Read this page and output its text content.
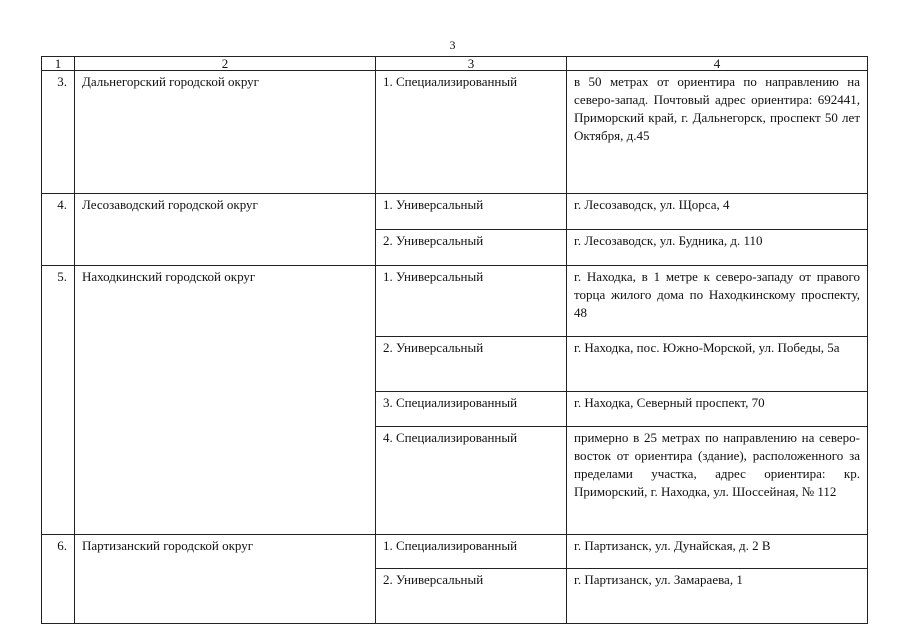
3
1	2	3	4
3.	Дальнегорский городской округ	1. Специализированный	в 50 метрах от ориентира по направлению на северо-запад. Почтовый адрес ориентира: 692441, Приморский край, г. Дальнегорск, проспект 50 лет Октября, д.45
4.	Лесозаводский городской округ	1. Универсальный	г. Лесозаводск, ул. Щорса, 4
		2. Универсальный	г. Лесозаводск, ул. Будника, д. 110
5.	Находкинский городской округ	1. Универсальный	г. Находка, в 1 метре к северо-западу от правого торца жилого дома по Находкинскому проспекту, 48
		2. Универсальный	г. Находка, пос. Южно-Морской, ул. Победы, 5а
		3. Специализированный	г. Находка, Северный проспект, 70
		4. Специализированный	примерно в 25 метрах по направлению на северо-восток от ориентира (здание), расположенного за пределами участка, адрес ориентира: кр. Приморский, г. Находка, ул. Шоссейная, № 112
6.	Партизанский городской округ	1. Специализированный	г. Партизанск, ул. Дунайская, д. 2 В
		2. Универсальный	г. Партизанск, ул. Замараева, 1
